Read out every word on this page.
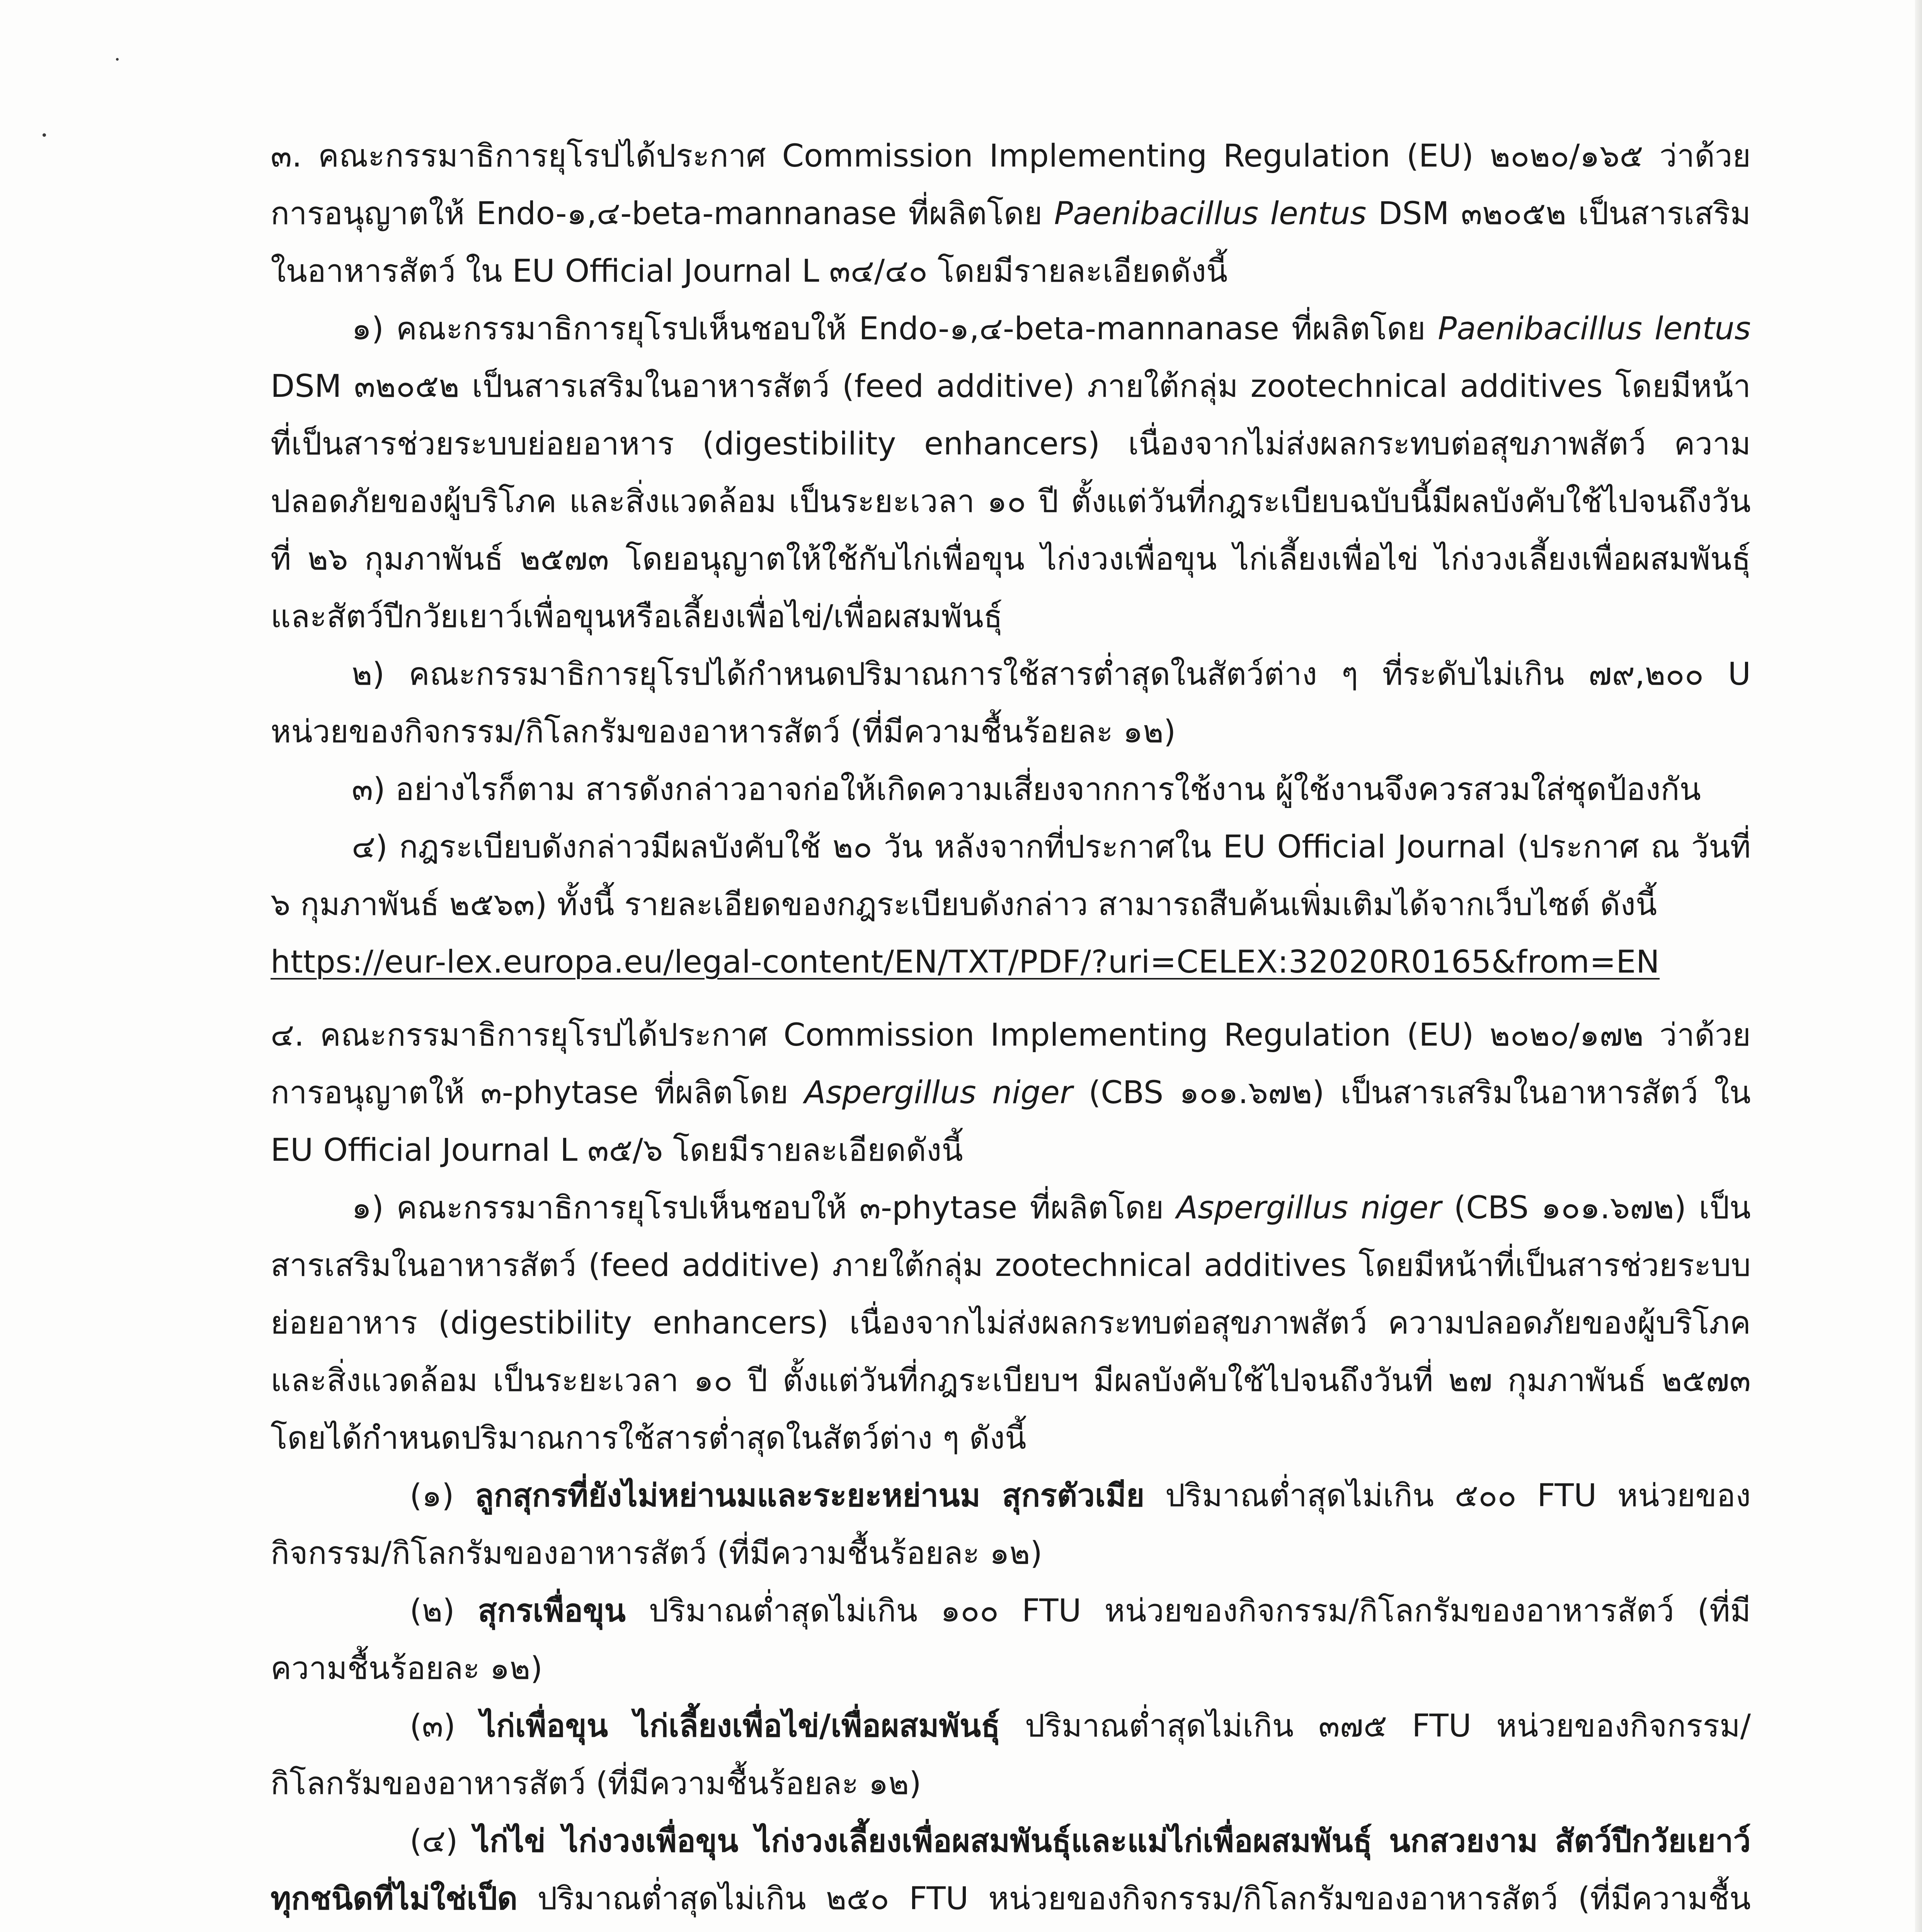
๓. คณะกรรมาธิการยุโรปได้ประกาศ Commission Implementing Regulation (EU) ๒๐๒๐/๑๖๕ ว่าด้วยการอนุญาตให้ Endo-๑,๔-beta-mannanase ที่ผลิตโดย Paenibacillus lentus DSM ๓๒๐๕๒ เป็นสารเสริมในอาหารสัตว์ ใน EU Official Journal L ๓๔/๔๐ โดยมีรายละเอียดดังนี้

๑) คณะกรรมาธิการยุโรปเห็นชอบให้ Endo-๑,๔-beta-mannanase ที่ผลิตโดย Paenibacillus lentus DSM ๓๒๐๕๒ เป็นสารเสริมในอาหารสัตว์ (feed additive) ภายใต้กลุ่ม zootechnical additives โดยมีหน้าที่เป็นสารช่วยระบบย่อยอาหาร (digestibility enhancers) เนื่องจากไม่ส่งผลกระทบต่อสุขภาพสัตว์ ความปลอดภัยของผู้บริโภค และสิ่งแวดล้อม เป็นระยะเวลา ๑๐ ปี ตั้งแต่วันที่กฎระเบียบฉบับนี้มีผลบังคับใช้ไปจนถึงวันที่ ๒๖ กุมภาพันธ์ ๒๕๗๓ โดยอนุญาตให้ใช้กับไก่เพื่อขุน ไก่งวงเพื่อขุน ไก่เลี้ยงเพื่อไข่ ไก่งวงเลี้ยงเพื่อผสมพันธุ์ และสัตว์ปีกวัยเยาว์เพื่อขุนหรือเลี้ยงเพื่อไข่/เพื่อผสมพันธุ์

๒) คณะกรรมาธิการยุโรปได้กำหนดปริมาณการใช้สารต่ำสุดในสัตว์ต่าง ๆ ที่ระดับไม่เกิน ๗๙,๒๐๐ U หน่วยของกิจกรรม/กิโลกรัมของอาหารสัตว์ (ที่มีความชื้นร้อยละ ๑๒)

๓) อย่างไรก็ตาม สารดังกล่าวอาจก่อให้เกิดความเสี่ยงจากการใช้งาน ผู้ใช้งานจึงควรสวมใส่ชุดป้องกัน

๔) กฎระเบียบดังกล่าวมีผลบังคับใช้ ๒๐ วัน หลังจากที่ประกาศใน EU Official Journal (ประกาศ ณ วันที่ ๖ กุมภาพันธ์ ๒๕๖๓) ทั้งนี้ รายละเอียดของกฎระเบียบดังกล่าว สามารถสืบค้นเพิ่มเติมได้จากเว็บไซต์ ดังนี้

https://eur-lex.europa.eu/legal-content/EN/TXT/PDF/?uri=CELEX:32020R0165&from=EN

๔. คณะกรรมาธิการยุโรปได้ประกาศ Commission Implementing Regulation (EU) ๒๐๒๐/๑๗๒ ว่าด้วยการอนุญาตให้ ๓-phytase ที่ผลิตโดย Aspergillus niger (CBS ๑๐๑.๖๗๒) เป็นสารเสริมในอาหารสัตว์ ใน EU Official Journal L ๓๕/๖ โดยมีรายละเอียดดังนี้

๑) คณะกรรมาธิการยุโรปเห็นชอบให้ ๓-phytase ที่ผลิตโดย Aspergillus niger (CBS ๑๐๑.๖๗๒) เป็นสารเสริมในอาหารสัตว์ (feed additive) ภายใต้กลุ่ม zootechnical additives โดยมีหน้าที่เป็นสารช่วยระบบย่อยอาหาร (digestibility enhancers) เนื่องจากไม่ส่งผลกระทบต่อสุขภาพสัตว์ ความปลอดภัยของผู้บริโภค และสิ่งแวดล้อม เป็นระยะเวลา ๑๐ ปี ตั้งแต่วันที่กฎระเบียบฯ มีผลบังคับใช้ไปจนถึงวันที่ ๒๗ กุมภาพันธ์ ๒๕๗๓ โดยได้กำหนดปริมาณการใช้สารต่ำสุดในสัตว์ต่าง ๆ ดังนี้

(๑) ลูกสุกรที่ยังไม่หย่านมและระยะหย่านม สุกรตัวเมีย ปริมาณต่ำสุดไม่เกิน ๕๐๐ FTU หน่วยของกิจกรรม/กิโลกรัมของอาหารสัตว์ (ที่มีความชื้นร้อยละ ๑๒)

(๒) สุกรเพื่อขุน ปริมาณต่ำสุดไม่เกิน ๑๐๐ FTU หน่วยของกิจกรรม/กิโลกรัมของอาหารสัตว์ (ที่มีความชื้นร้อยละ ๑๒)

(๓) ไก่เพื่อขุน ไก่เลี้ยงเพื่อไข่/เพื่อผสมพันธุ์ ปริมาณต่ำสุดไม่เกิน ๓๗๕ FTU หน่วยของกิจกรรม/กิโลกรัมของอาหารสัตว์ (ที่มีความชื้นร้อยละ ๑๒)

(๔) ไก่ไข่ ไก่งวงเพื่อขุน ไก่งวงเลี้ยงเพื่อผสมพันธุ์และแม่ไก่เพื่อผสมพันธุ์ นกสวยงาม สัตว์ปีกวัยเยาว์ทุกชนิดที่ไม่ใช่เป็ด ปริมาณต่ำสุดไม่เกิน ๒๕๐ FTU หน่วยของกิจกรรม/กิโลกรัมของอาหารสัตว์ (ที่มีความชื้น
